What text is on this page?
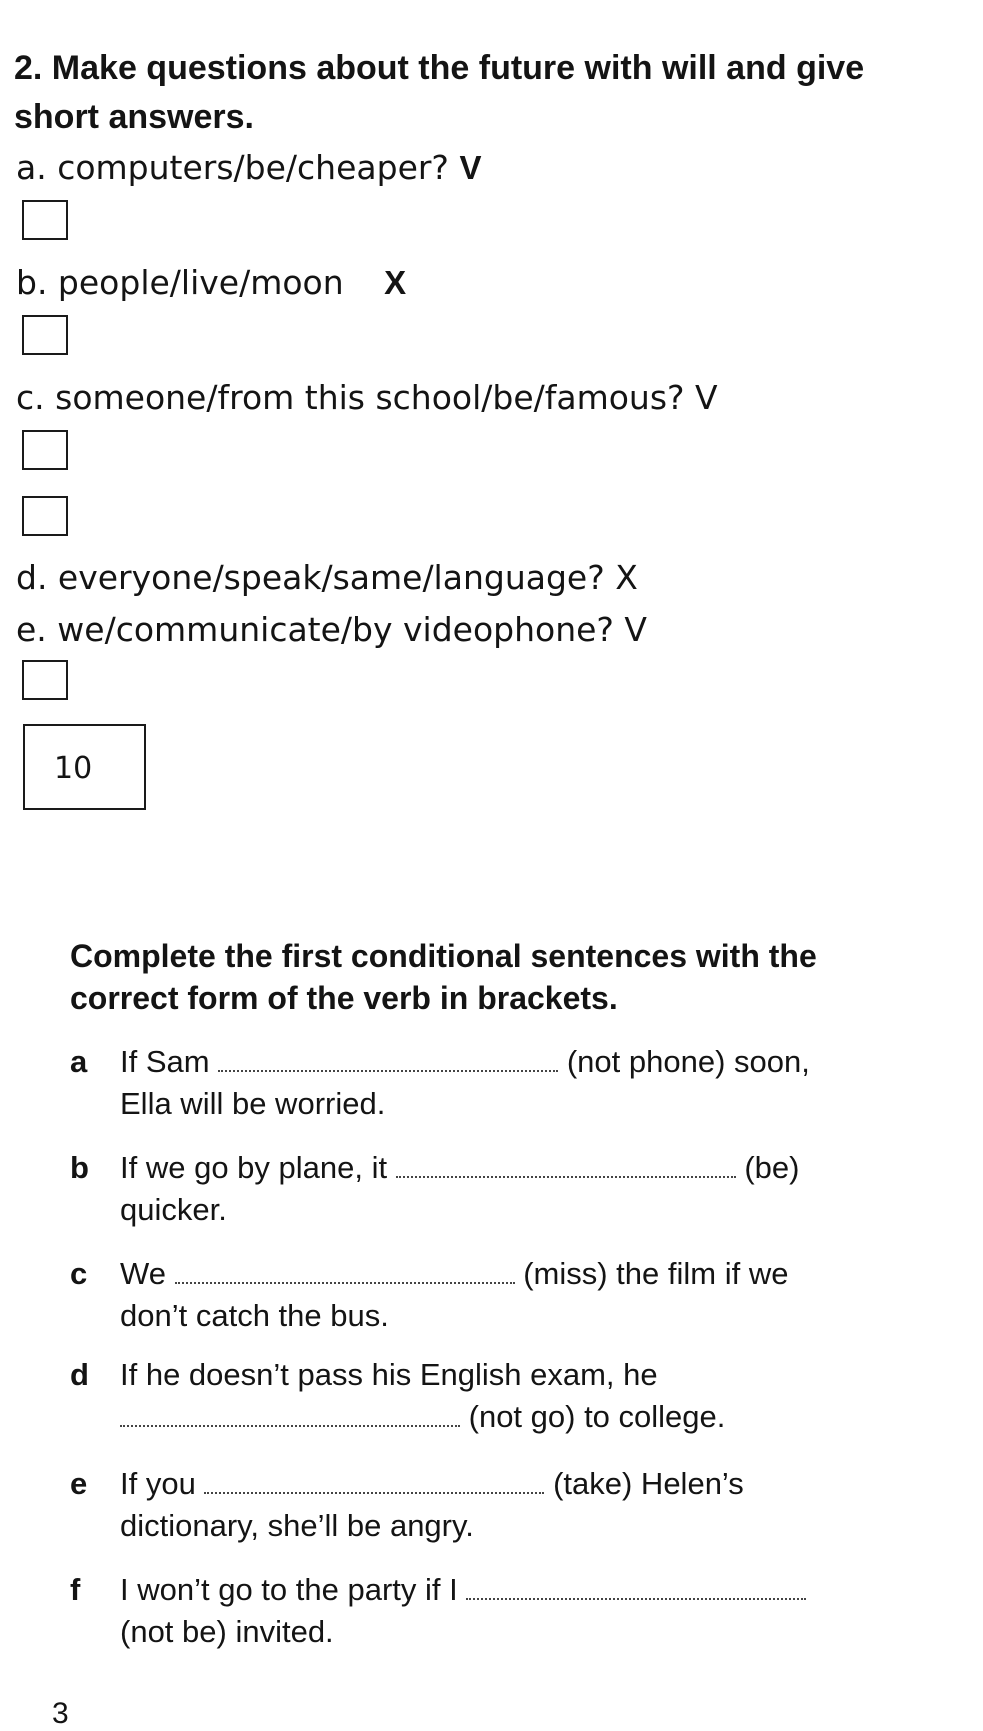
2. Make questions about the future with will and give short answers.
a. computers/be/cheaper? V
b. people/live/moon X
c. someone/from this school/be/famous? V
d. everyone/speak/same/language? X
e. we/communicate/by videophone? V
10
Complete the first conditional sentences with the correct form of the verb in brackets.
a	If Sam	(not phone) soon,
Ella will be worried.
b	If we go by plane, it	(be)
quicker.
c	We	(miss) the film if we
don’t catch the bus.
d	If he doesn’t pass his English exam, he
(not go) to college.
e	If you	(take) Helen’s
dictionary, she’ll be angry.
f	I won’t go to the party if I
(not be) invited.
3
